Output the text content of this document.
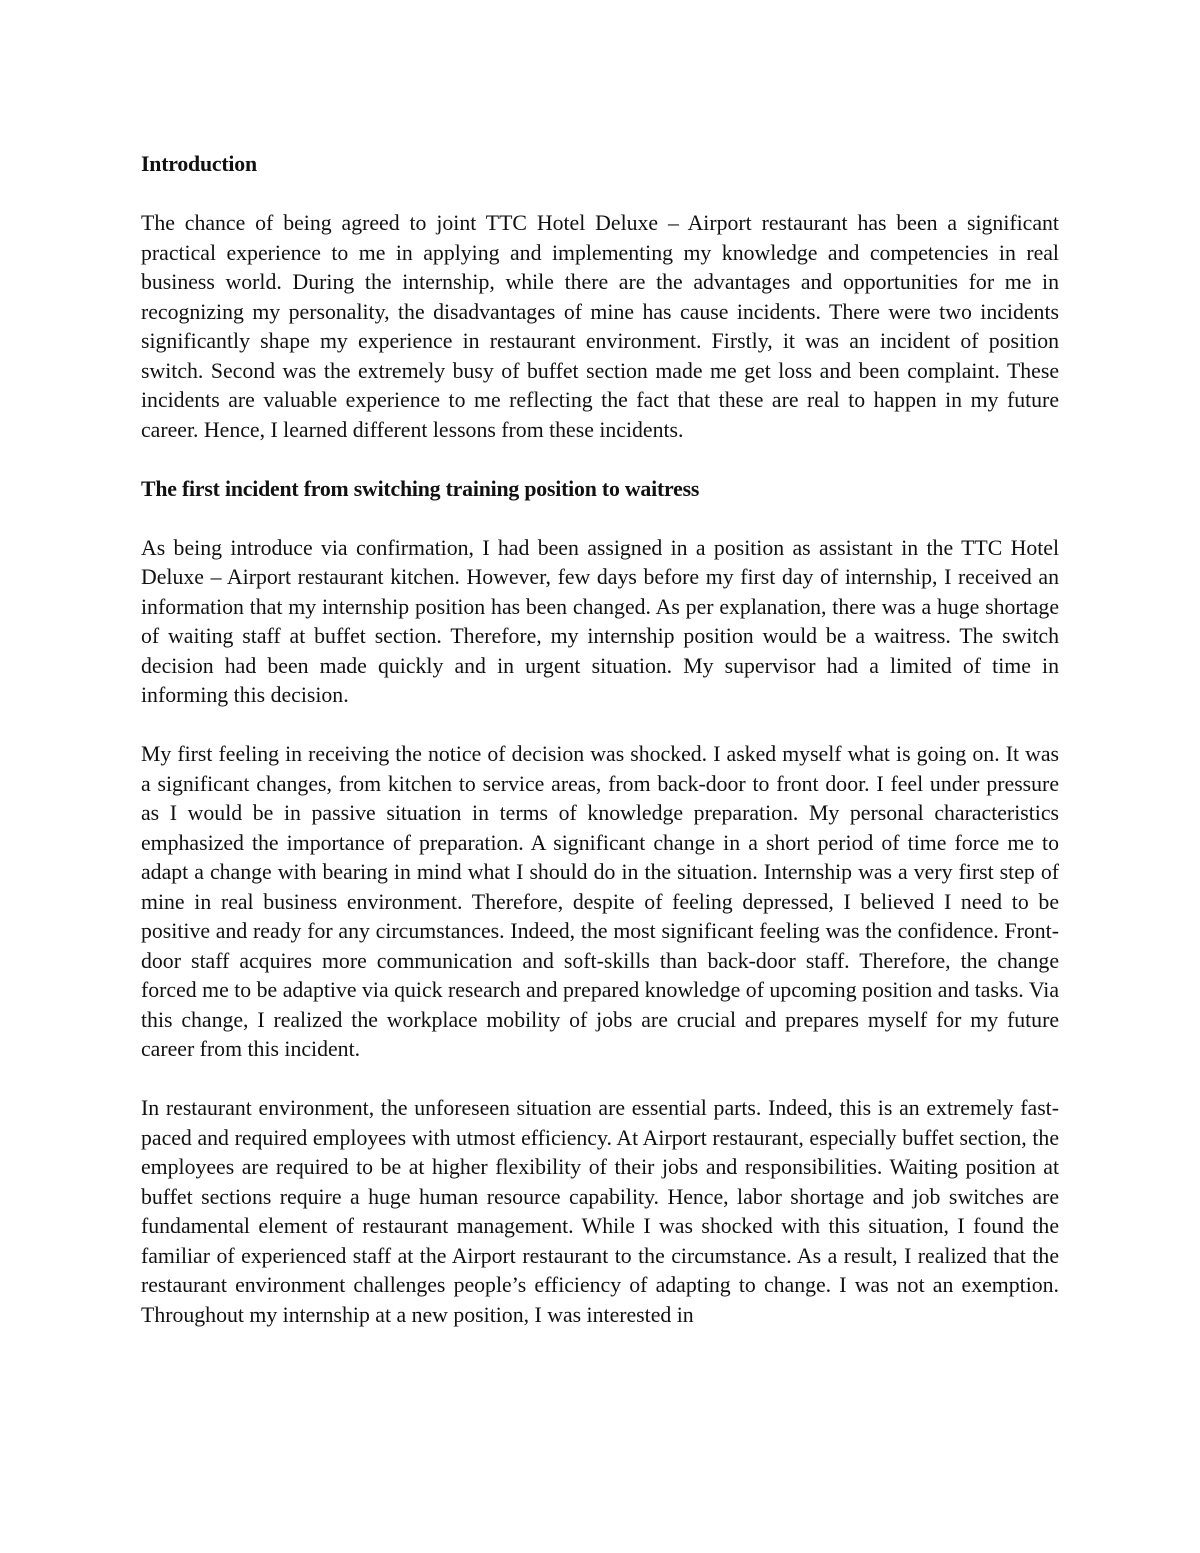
Introduction

The chance of being agreed to joint TTC Hotel Deluxe – Airport restaurant has been a significant practical experience to me in applying and implementing my knowledge and competencies in real business world. During the internship, while there are the advantages and opportunities for me in recognizing my personality, the disadvantages of mine has cause incidents. There were two incidents significantly shape my experience in restaurant environment. Firstly, it was an incident of position switch. Second was the extremely busy of buffet section made me get loss and been complaint. These incidents are valuable experience to me reflecting the fact that these are real to happen in my future career. Hence, I learned different lessons from these incidents.

The first incident from switching training position to waitress

As being introduce via confirmation, I had been assigned in a position as assistant in the TTC Hotel Deluxe – Airport restaurant kitchen. However, few days before my first day of internship, I received an information that my internship position has been changed. As per explanation, there was a huge shortage of waiting staff at buffet section. Therefore, my internship position would be a waitress. The switch decision had been made quickly and in urgent situation. My supervisor had a limited of time in informing this decision.

My first feeling in receiving the notice of decision was shocked. I asked myself what is going on. It was a significant changes, from kitchen to service areas, from back-door to front door. I feel under pressure as I would be in passive situation in terms of knowledge preparation. My personal characteristics emphasized the importance of preparation. A significant change in a short period of time force me to adapt a change with bearing in mind what I should do in the situation. Internship was a very first step of mine in real business environment. Therefore, despite of feeling depressed, I believed I need to be positive and ready for any circumstances. Indeed, the most significant feeling was the confidence. Front-door staff acquires more communication and soft-skills than back-door staff. Therefore, the change forced me to be adaptive via quick research and prepared knowledge of upcoming position and tasks. Via this change, I realized the workplace mobility of jobs are crucial and prepares myself for my future career from this incident.

In restaurant environment, the unforeseen situation are essential parts. Indeed, this is an extremely fast-paced and required employees with utmost efficiency. At Airport restaurant, especially buffet section, the employees are required to be at higher flexibility of their jobs and responsibilities. Waiting position at buffet sections require a huge human resource capability. Hence, labor shortage and job switches are fundamental element of restaurant management. While I was shocked with this situation, I found the familiar of experienced staff at the Airport restaurant to the circumstance. As a result, I realized that the restaurant environment challenges people’s efficiency of adapting to change. I was not an exemption. Throughout my internship at a new position, I was interested in
